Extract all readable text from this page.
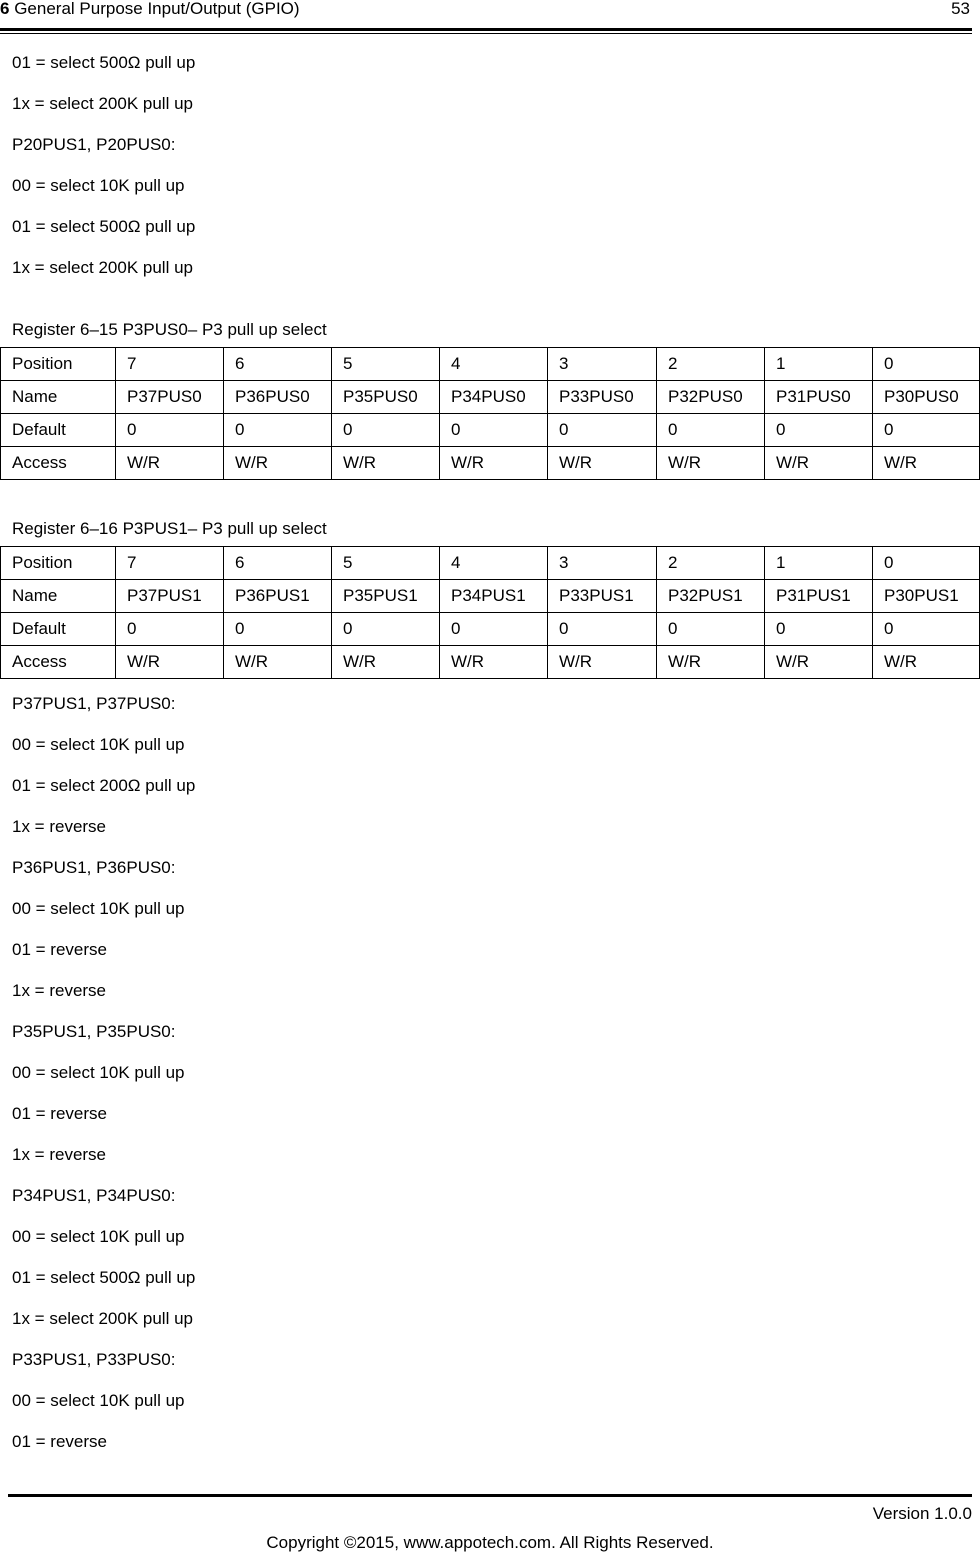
6 General Purpose Input/Output (GPIO)	53

01 = select 500Ω pull up

1x = select 200K pull up

P20PUS1, P20PUS0:

00 = select 10K pull up

01 = select 500Ω pull up

1x = select 200K pull up

Register 6–15 P3PUS0– P3 pull up select
Position	7	6	5	4	3	2	1	0
Name	P37PUS0	P36PUS0	P35PUS0	P34PUS0	P33PUS0	P32PUS0	P31PUS0	P30PUS0
Default	0	0	0	0	0	0	0	0
Access	W/R	W/R	W/R	W/R	W/R	W/R	W/R	W/R
Register 6–16 P3PUS1– P3 pull up select
Position	7	6	5	4	3	2	1	0
Name	P37PUS1	P36PUS1	P35PUS1	P34PUS1	P33PUS1	P32PUS1	P31PUS1	P30PUS1
Default	0	0	0	0	0	0	0	0
Access	W/R	W/R	W/R	W/R	W/R	W/R	W/R	W/R

P37PUS1, P37PUS0:

00 = select 10K pull up

01 = select 200Ω pull up

1x = reverse

P36PUS1, P36PUS0:

00 = select 10K pull up

01 = reverse

1x = reverse

P35PUS1, P35PUS0:

00 = select 10K pull up

01 = reverse

1x = reverse

P34PUS1, P34PUS0:

00 = select 10K pull up

01 = select 500Ω pull up

1x = select 200K pull up

P33PUS1, P33PUS0:

00 = select 10K pull up

01 = reverse

Version 1.0.0
Copyright ©2015, www.appotech.com. All Rights Reserved.
